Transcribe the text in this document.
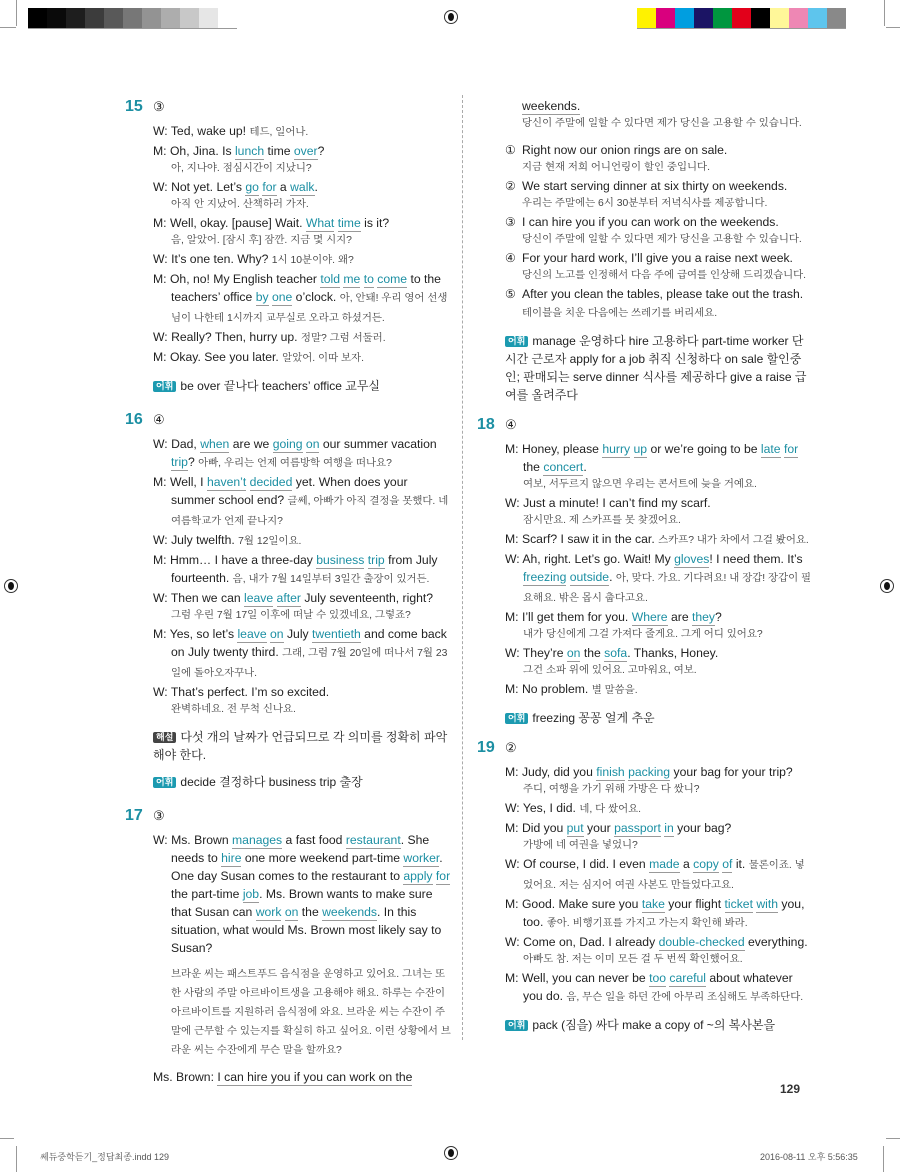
15 ③
W: Ted, wake up! 테드, 일어나.
M: Oh, Jina. Is lunch time over?
아, 지나야. 점심시간이 지났니?
W: Not yet. Let’s go for a walk.
아직 안 지났어. 산책하러 가자.
M: Well, okay. [pause] Wait. What time is it?
음, 알았어. [잠시 후] 잠깐. 지금 몇 시지?
W: It’s one ten. Why? 1시 10분이야. 왜?
M: Oh, no! My English teacher told me to come to the teachers’ office by one o’clock. 아, 안돼! 우리 영어 선생님이 나한테 1시까지 교무실로 오라고 하셨거든.
W: Really? Then, hurry up. 정말? 그럼 서둘러.
M: Okay. See you later. 알았어. 이따 보자.
어휘 be over 끝나다 teachers’ office 교무실
16 ④
W: Dad, when are we going on our summer vacation trip? 아빠, 우리는 언제 여름방학 여행을 떠나요?
M: Well, I haven’t decided yet. When does your summer school end? 글쎄, 아빠가 아직 결정을 못했다. 네 여름학교가 언제 끝나지?
W: July twelfth. 7월 12일이요.
M: Hmm… I have a three-day business trip from July fourteenth. 음, 내가 7월 14일부터 3일간 출장이 있거든.
W: Then we can leave after July seventeenth, right?
그럼 우린 7월 17일 이후에 떠날 수 있겠네요, 그렇죠?
M: Yes, so let’s leave on July twentieth and come back on July twenty third. 그래, 그럼 7월 20일에 떠나서 7월 23일에 돌아오자꾸나.
W: That’s perfect. I’m so excited.
완벽하네요. 전 무척 신나요.
해설 다섯 개의 날짜가 언급되므로 각 의미를 정확히 파악해야 한다.
어휘 decide 결정하다 business trip 출장
17 ③
W: Ms. Brown manages a fast food restaurant. She needs to hire one more weekend part-time worker. One day Susan comes to the restaurant to apply for the part-time job. Ms. Brown wants to make sure that Susan can work on the weekends. In this situation, what would Ms. Brown most likely say to Susan?
브라운 씨는 패스트푸드 음식점을 운영하고 있어요. 그녀는 또 한 사람의 주말 아르바이트생을 고용해야 해요. 하루는 수잔이 아르바이트를 지원하러 음식점에 와요. 브라운 씨는 수잔이 주말에 근무할 수 있는지를 확실히 하고 싶어요. 이런 상황에서 브라운 씨는 수잔에게 무슨 말을 할까요?
Ms. Brown: I can hire you if you can work on the
weekends.
당신이 주말에 일할 수 있다면 제가 당신을 고용할 수 있습니다.
① Right now our onion rings are on sale.
지금 현재 저희 어니언링이 할인 중입니다.
② We start serving dinner at six thirty on weekends.
우리는 주말에는 6시 30분부터 저녁식사를 제공합니다.
③ I can hire you if you can work on the weekends.
당신이 주말에 일할 수 있다면 제가 당신을 고용할 수 있습니다.
④ For your hard work, I’ll give you a raise next week.
당신의 노고를 인정해서 다음 주에 급여를 인상해 드리겠습니다.
⑤ After you clean the tables, please take out the trash. 테이블을 치운 다음에는 쓰레기를 버리세요.
어휘 manage 운영하다 hire 고용하다 part-time worker 단시간 근로자 apply for a job 취직 신청하다 on sale 할인중인; 판매되는 serve dinner 식사를 제공하다 give a raise 급여를 올려주다
18 ④
M: Honey, please hurry up or we’re going to be late for the concert.
여보, 서두르지 않으면 우리는 콘서트에 늦을 거예요.
W: Just a minute! I can’t find my scarf.
잠시만요. 제 스카프를 못 찾겠어요.
M: Scarf? I saw it in the car. 스카프? 내가 차에서 그걸 봤어요.
W: Ah, right. Let’s go. Wait! My gloves! I need them. It’s freezing outside. 아, 맞다. 가요. 기다려요! 내 장갑! 장갑이 필요해요. 밖은 몹시 춥다고요.
M: I’ll get them for you. Where are they?
내가 당신에게 그걸 가져다 줄게요. 그게 어디 있어요?
W: They’re on the sofa. Thanks, Honey.
그건 소파 위에 있어요. 고마워요, 여보.
M: No problem. 별 말씀을.
어휘 freezing 꽁꽁 얼게 추운
19 ②
M: Judy, did you finish packing your bag for your trip?
주디, 여행을 가기 위해 가방은 다 쌌니?
W: Yes, I did. 네, 다 쌌어요.
M: Did you put your passport in your bag?
가방에 네 여권을 넣었니?
W: Of course, I did. I even made a copy of it. 물론이죠. 넣었어요. 저는 심지어 여권 사본도 만들었다고요.
M: Good. Make sure you take your flight ticket with you, too. 좋아. 비행기표를 가지고 가는지 확인해 봐라.
W: Come on, Dad. I already double-checked everything.
아빠도 참. 저는 이미 모든 걸 두 번씩 확인했어요.
M: Well, you can never be too careful about whatever you do. 음, 무슨 일을 하던 간에 아무리 조심해도 부족하단다.
어휘 pack (짐을) 싸다 make a copy of ~의 복사본을
129
쎄듀중학듣기_정답최종.indd 129	2016-08-11 오후 5:56:35
